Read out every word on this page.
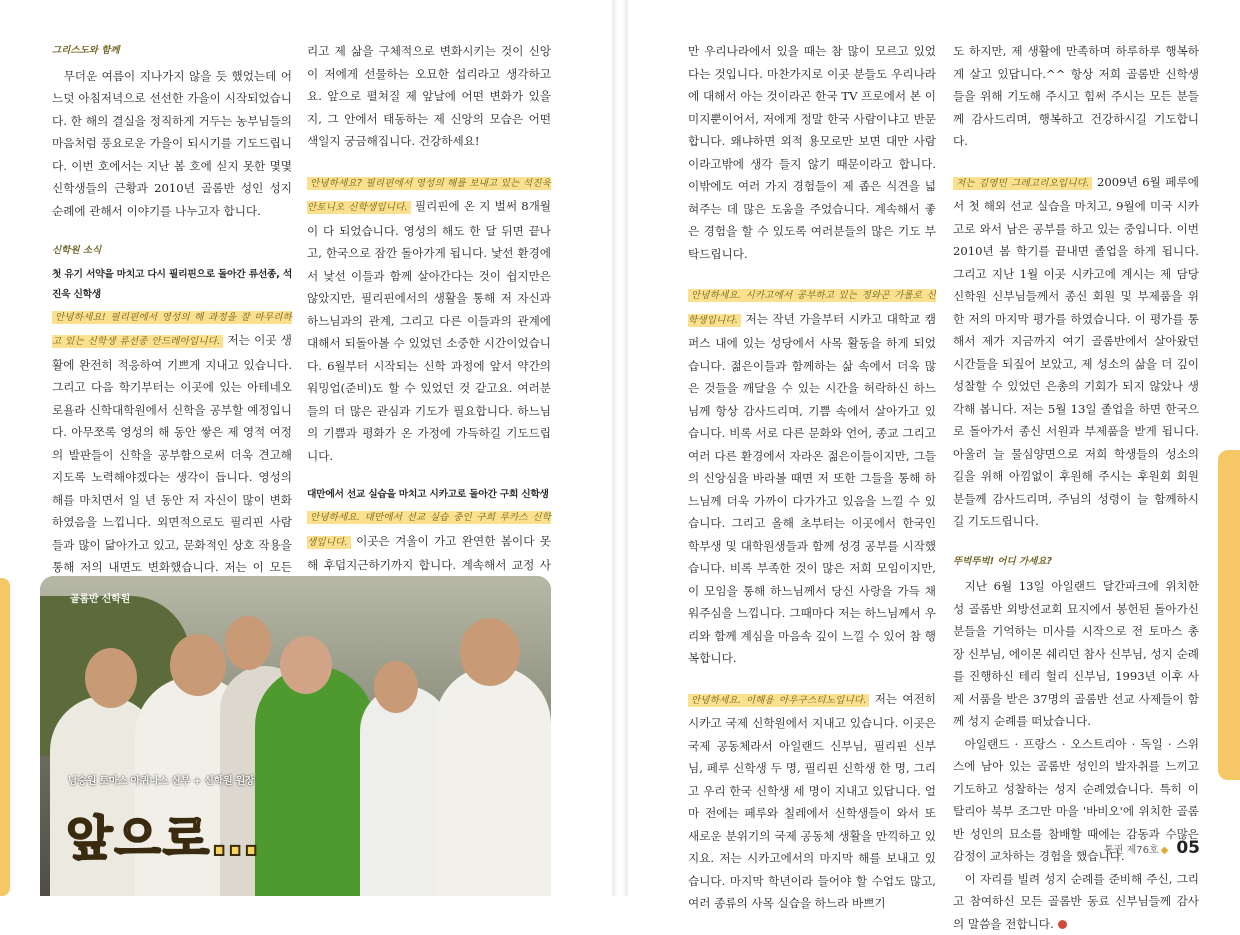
그리스도와 함께

무더운 여름이 지나가지 않을 듯 했었는데 어느덧 아침저녁으로 선선한 가을이 시작되었습니다. 한 해의 결실을 정직하게 거두는 농부님들의 마음처럼 풍요로운 가을이 되시기를 기도드립니다. 이번 호에서는 지난 봄 호에 싣지 못한 몇몇 신학생들의 근황과 2010년 골롬반 성인 성지 순례에 관해서 이야기를 나누고자 합니다.

신학원 소식
첫 유기 서약을 마치고 다시 필리핀으로 돌아간 류선종, 석진욱 신학생

안녕하세요! 필리핀에서 영성의 해 과정을 잘 마무리하고 있는 신학생 류선종 안드레아입니다. 저는 이곳 생활에 완전히 적응하여 기쁘게 지내고 있습니다. 그리고 다음 학기부터는 이곳에 있는 아테네오 로욜라 신학대학원에서 신학을 공부할 예정입니다. 아무쪼록 영성의 해 동안 쌓은 제 영적 여정의 발판들이 신학을 공부함으로써 더욱 견고해지도록 노력해야겠다는 생각이 듭니다. 영성의 해를 마치면서 일 년 동안 저 자신이 많이 변화하였음을 느낍니다. 외면적으로도 필리핀 사람들과 많이 닮아가고 있고, 문화적인 상호 작용을 통해 저의 내면도 변화했습니다. 저는 이 모든

리고 제 삶을 구체적으로 변화시키는 것이 신앙이 저에게 선물하는 오묘한 섭리라고 생각하고요. 앞으로 펼쳐질 제 앞날에 어떤 변화가 있을지, 그 안에서 태동하는 제 신앙의 모습은 어떤 색일지 궁금해집니다. 건강하세요!

안녕하세요? 필리핀에서 영성의 해를 보내고 있는 석진욱 안토니오 신학생입니다. 필리핀에 온 지 벌써 8개월이 다 되었습니다. 영성의 해도 한 달 뒤면 끝나고, 한국으로 잠깐 돌아가게 됩니다. 낯선 환경에서 낯선 이들과 함께 살아간다는 것이 쉽지만은 않았지만, 필리핀에서의 생활을 통해 저 자신과 하느님과의 관계, 그리고 다른 이들과의 관계에 대해서 되돌아볼 수 있었던 소중한 시간이었습니다. 6월부터 시작되는 신학 과정에 앞서 약간의 워밍업(준비)도 할 수 있었던 것 같고요. 여러분들의 더 많은 관심과 기도가 필요합니다. 하느님의 기쁨과 평화가 온 가정에 가득하길 기도드립니다.

대만에서 선교 실습을 마치고 시카고로 돌아간 구희 신학생

안녕하세요. 대만에서 선교 실습 중인 구희 루카스 신학생입니다. 이곳은 겨울이 가고 완연한 봄이다 못해 후덥지근하기까지 합니다. 계속해서 교정 사

골롬반 신학원
남승원 토마스 아퀴나스 신부 + 신학원 원장
앞으로…

만 우리나라에서 있을 때는 참 많이 모르고 있었다는 것입니다. 마찬가지로 이곳 분들도 우리나라에 대해서 아는 것이라곤 한국 TV 프로에서 본 이미지뿐이어서, 저에게 정말 한국 사람이냐고 반문합니다. 왜냐하면 외적 용모로만 보면 대만 사람이라고밖에 생각 들지 않기 때문이라고 합니다. 이밖에도 여러 가지 경험들이 제 좁은 식견을 넓혀주는 데 많은 도움을 주었습니다. 계속해서 좋은 경험을 할 수 있도록 여러분들의 많은 기도 부탁드립니다.

안녕하세요. 시카고에서 공부하고 있는 정와곤 가롤로 신학생입니다. 저는 작년 가을부터 시카고 대학교 캠퍼스 내에 있는 성당에서 사목 활동을 하게 되었습니다. 젊은이들과 함께하는 삶 속에서 더욱 많은 것들을 깨달을 수 있는 시간을 허락하신 하느님께 항상 감사드리며, 기쁨 속에서 살아가고 있습니다. 비록 서로 다른 문화와 언어, 종교 그리고 여러 다른 환경에서 자라온 젊은이들이지만, 그들의 신앙심을 바라볼 때면 저 또한 그들을 통해 하느님께 더욱 가까이 다가가고 있음을 느낄 수 있습니다. 그리고 올해 초부터는 이곳에서 한국인 학부생 및 대학원생들과 함께 성경 공부를 시작했습니다. 비록 부족한 것이 많은 저희 모임이지만, 이 모임을 통해 하느님께서 당신 사랑을 가득 채워주심을 느낍니다. 그때마다 저는 하느님께서 우리와 함께 계심을 마음속 깊이 느낄 수 있어 참 행복합니다.

안녕하세요. 이해용 아우구스티노입니다. 저는 여전히 시카고 국제 신학원에서 지내고 있습니다. 이곳은 국제 공동체라서 아일랜드 신부님, 필리핀 신부님, 페루 신학생 두 명, 필리핀 신학생 한 명, 그리고 우리 한국 신학생 세 명이 지내고 있답니다. 얼마 전에는 페루와 칠레에서 신학생들이 와서 또 새로운 분위기의 국제 공동체 생활을 만끽하고 있지요. 저는 시카고에서의 마지막 해를 보내고 있습니다. 마지막 학년이라 들어야 할 수업도 많고, 여러 종류의 사목 실습을 하느라 바쁘기

도 하지만, 제 생활에 만족하며 하루하루 행복하게 살고 있답니다.^^ 항상 저희 골롬반 신학생들을 위해 기도해 주시고 힘써 주시는 모든 분들께 감사드리며, 행복하고 건강하시길 기도합니다.

저는 김영민 그레고리오입니다. 2009년 6월 페루에서 첫 해외 선교 실습을 마치고, 9월에 미국 시카고로 와서 남은 공부를 하고 있는 중입니다. 이번 2010년 봄 학기를 끝내면 졸업을 하게 됩니다. 그리고 지난 1월 이곳 시카고에 계시는 제 담당 신학원 신부님들께서 종신 회원 및 부제품을 위한 저의 마지막 평가를 하였습니다. 이 평가를 통해서 제가 지금까지 여기 골롬반에서 살아왔던 시간들을 되짚어 보았고, 제 성소의 삶을 더 깊이 성찰할 수 있었던 은총의 기회가 되지 않았나 생각해 봅니다. 저는 5월 13일 졸업을 하면 한국으로 돌아가서 종신 서원과 부제품을 받게 됩니다. 아울러 늘 물심양면으로 저희 학생들의 성소의 길을 위해 아낌없이 후원해 주시는 후원회 회원분들께 감사드리며, 주님의 성령이 늘 함께하시길 기도드립니다.

뚜벅뚜벅! 어디 가세요?

지난 6월 13일 아일랜드 달간파크에 위치한 성 골롬반 외방선교회 묘지에서 봉헌된 돌아가신 분들을 기억하는 미사를 시작으로 전 토마스 총장 신부님, 에이몬 쉐리던 참사 신부님, 성지 순례를 진행하신 테리 헐리 신부님, 1993년 이후 사제 서품을 받은 37명의 골롬반 선교 사제들이 함께 성지 순례를 떠났습니다.

아일랜드 · 프랑스 · 오스트리아 · 독일 · 스위스에 남아 있는 골롬반 성인의 발자취를 느끼고 기도하고 성찰하는 성지 순례였습니다. 특히 이탈리아 북부 조그만 마을 '바비오'에 위치한 골롬반 성인의 묘소를 참배할 때에는 감동과 수많은 감정이 교차하는 경험을 했습니다.

이 자리를 빌려 성지 순례를 준비해 주신, 그리고 참여하신 모든 골롬반 동료 신부님들께 감사의 말씀을 전합니다.

통권 제76호 ◆ 05
